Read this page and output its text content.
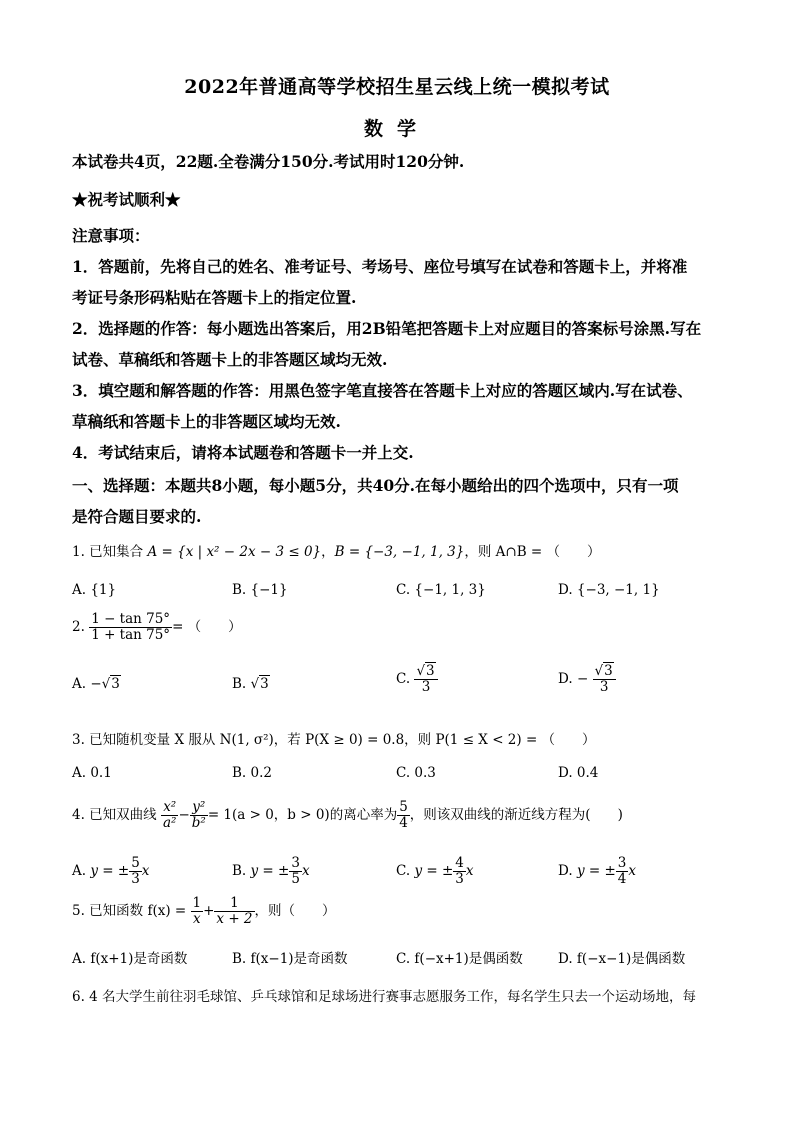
2022年普通高等学校招生星云线上统一模拟考试
数学
本试卷共4页，22题.全卷满分150分.考试用时120分钟.
★祝考试顺利★
注意事项：
1．答题前，先将自己的姓名、准考证号、考场号、座位号填写在试卷和答题卡上，并将准
考证号条形码粘贴在答题卡上的指定位置.
2．选择题的作答：每小题选出答案后，用2B铅笔把答题卡上对应题目的答案标号涂黑.写在
试卷、草稿纸和答题卡上的非答题区域均无效.
3．填空题和解答题的作答：用黑色签字笔直接答在答题卡上对应的答题区域内.写在试卷、
草稿纸和答题卡上的非答题区域均无效.
4．考试结束后，请将本试题卷和答题卡一并上交.
一、选择题：本题共8小题，每小题5分，共40分.在每小题给出的四个选项中，只有一项
是符合题目要求的.
1. 已知集合 A = {x | x² − 2x − 3 ≤ 0}，B = {−3, −1, 1, 3}，则 A∩B = （　　）
A. {1}	B. {−1}	C. {−1, 1, 3}	D. {−3, −1, 1}
2. $\frac{1 - \tan 75^\circ}{1 + \tan 75^\circ}$ = （　　）
A. −√3	B. √3	C. $\frac{√3}{3}$	D. − $\frac{√3}{3}$
3. 已知随机变量 X 服从 N(1, σ²)，若 P(X ≥ 0) = 0.8，则 P(1 ≤ X < 2) = （　　）
A. 0.1	B. 0.2	C. 0.3	D. 0.4
4. 已知双曲线 $\frac{\text{x²}}{\text{a²}} - \frac{\text{y²}}{\text{b²}} = 1(a > 0$，b > 0)的离心率为 $\frac{5}{4}$ ，则该双曲线的渐近线方程为(　　)
A. y = ± $\frac{5}{3}$ x	B. y = ± $\frac{3}{5}$ x	C. y = ± $\frac{4}{3}$ x	D. y = ± $\frac{3}{4}$ x
5. 已知函数 $f(x) = \frac{1}{x} + \frac{1}{x + 2}$ ，则（　　）
A. f(x+1)是奇函数	B. f(x−1)是奇函数	C. f(−x+1)是偶函数	D. f(−x−1)是偶函数
6. 4 名大学生前往羽毛球馆、乒乓球馆和足球场进行赛事志愿服务工作，每名学生只去一个运动场地，每
